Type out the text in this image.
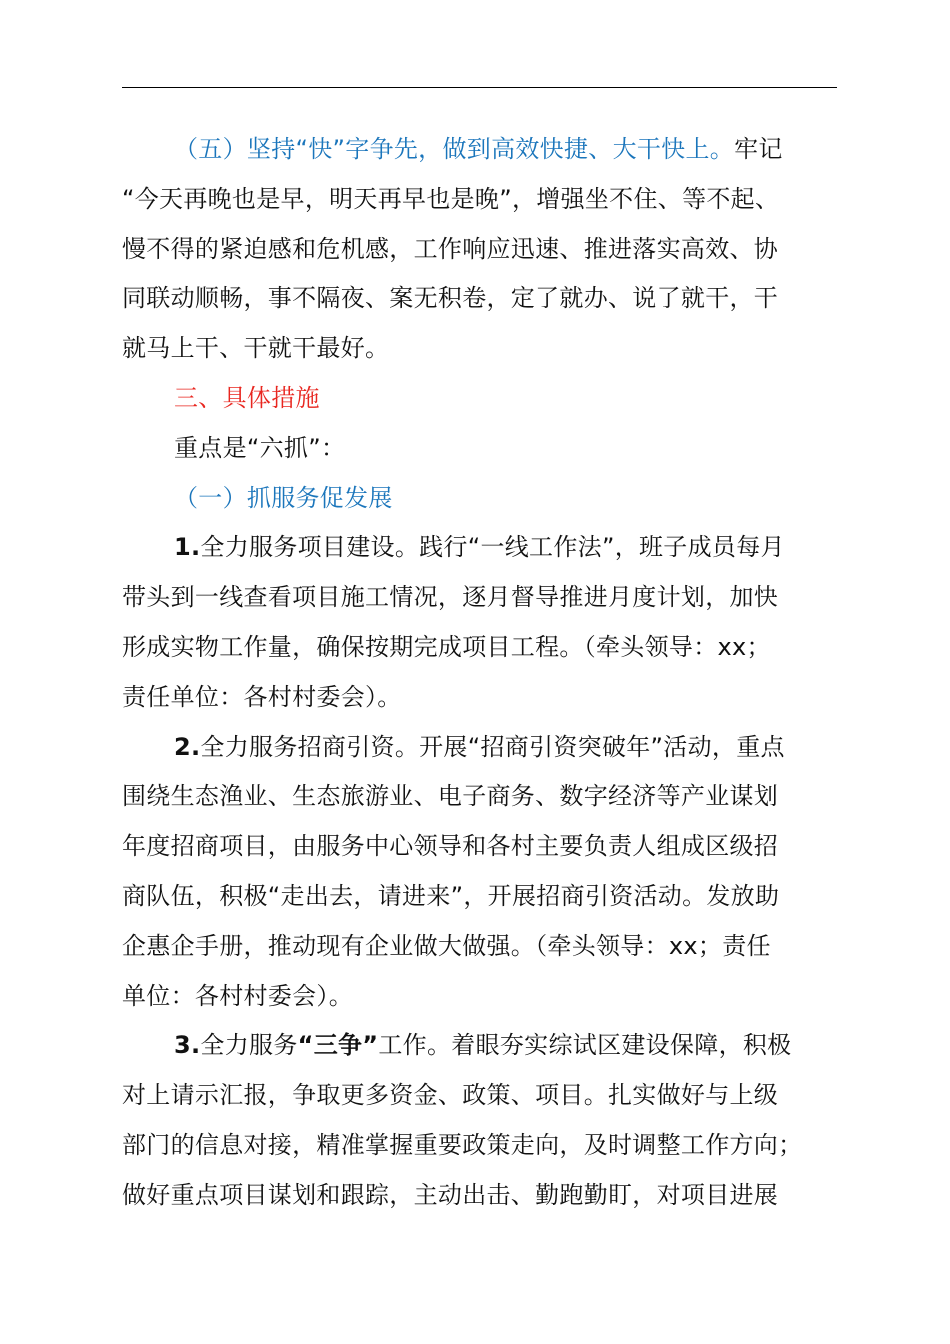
（五）坚持“快”字争先，做到高效快捷、大干快上。牢记
“今天再晚也是早，明天再早也是晚”，增强坐不住、等不起、
慢不得的紧迫感和危机感，工作响应迅速、推进落实高效、协
同联动顺畅，事不隔夜、案无积卷，定了就办、说了就干，干
就马上干、干就干最好。
三、具体措施
重点是“六抓”：
（一）抓服务促发展
1.全力服务项目建设。践行“一线工作法”，班子成员每月
带头到一线查看项目施工情况，逐月督导推进月度计划，加快
形成实物工作量，确保按期完成项目工程。（牵头领导：xx；
责任单位：各村村委会）。
2.全力服务招商引资。开展“招商引资突破年”活动，重点
围绕生态渔业、生态旅游业、电子商务、数字经济等产业谋划
年度招商项目，由服务中心领导和各村主要负责人组成区级招
商队伍，积极“走出去，请进来”，开展招商引资活动。发放助
企惠企手册，推动现有企业做大做强。（牵头领导：xx；责任
单位：各村村委会）。
3.全力服务“三争”工作。着眼夯实综试区建设保障，积极
对上请示汇报，争取更多资金、政策、项目。扎实做好与上级
部门的信息对接，精准掌握重要政策走向，及时调整工作方向；
做好重点项目谋划和跟踪，主动出击、勤跑勤盯，对项目进展
